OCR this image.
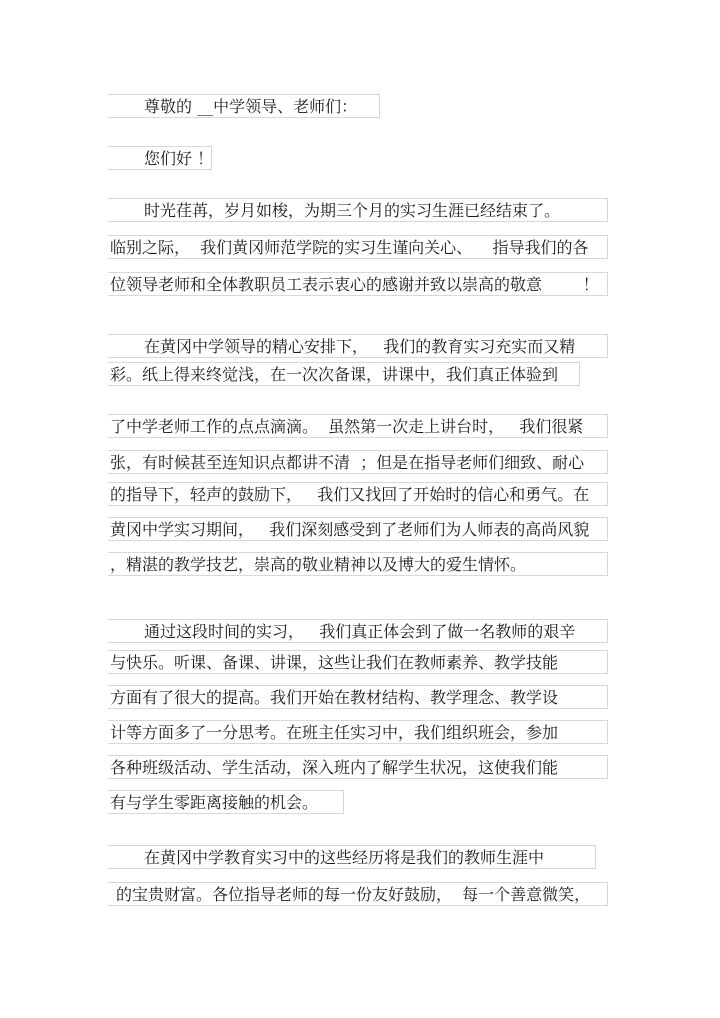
尊敬的 __中学领导、老师们：

您们好 ！

时光荏苒，岁月如梭，为期三个月的实习生涯已经结束了。

临别之际，  我们黄冈师范学院的实习生谨向关心、    指导我们的各

位领导老师和全体教职员工表示衷心的感谢并致以崇高的敬意        ！

在黄冈中学领导的精心安排下，   我们的教育实习充实而又精

彩。纸上得来终觉浅，在一次次备课，讲课中，我们真正体验到

了中学老师工作的点点滴滴。  虽然第一次走上讲台时，   我们很紧

张，有时候甚至连知识点都讲不清  ；但是在指导老师们细致、耐心

的指导下，轻声的鼓励下，   我们又找回了开始时的信心和勇气。在

黄冈中学实习期间，   我们深刻感受到了老师们为人师表的高尚风貌

，精湛的教学技艺，崇高的敬业精神以及博大的爱生情怀。

通过这段时间的实习，   我们真正体会到了做一名教师的艰辛

与快乐。听课、备课、讲课，这些让我们在教师素养、教学技能

方面有了很大的提高。我们开始在教材结构、教学理念、教学设

计等方面多了一分思考。在班主任实习中，我们组织班会，参加

各种班级活动、学生活动，深入班内了解学生状况，这使我们能

有与学生零距离接触的机会。

在黄冈中学教育实习中的这些经历将是我们的教师生涯中

的宝贵财富。各位指导老师的每一份友好鼓励，  每一个善意微笑，
